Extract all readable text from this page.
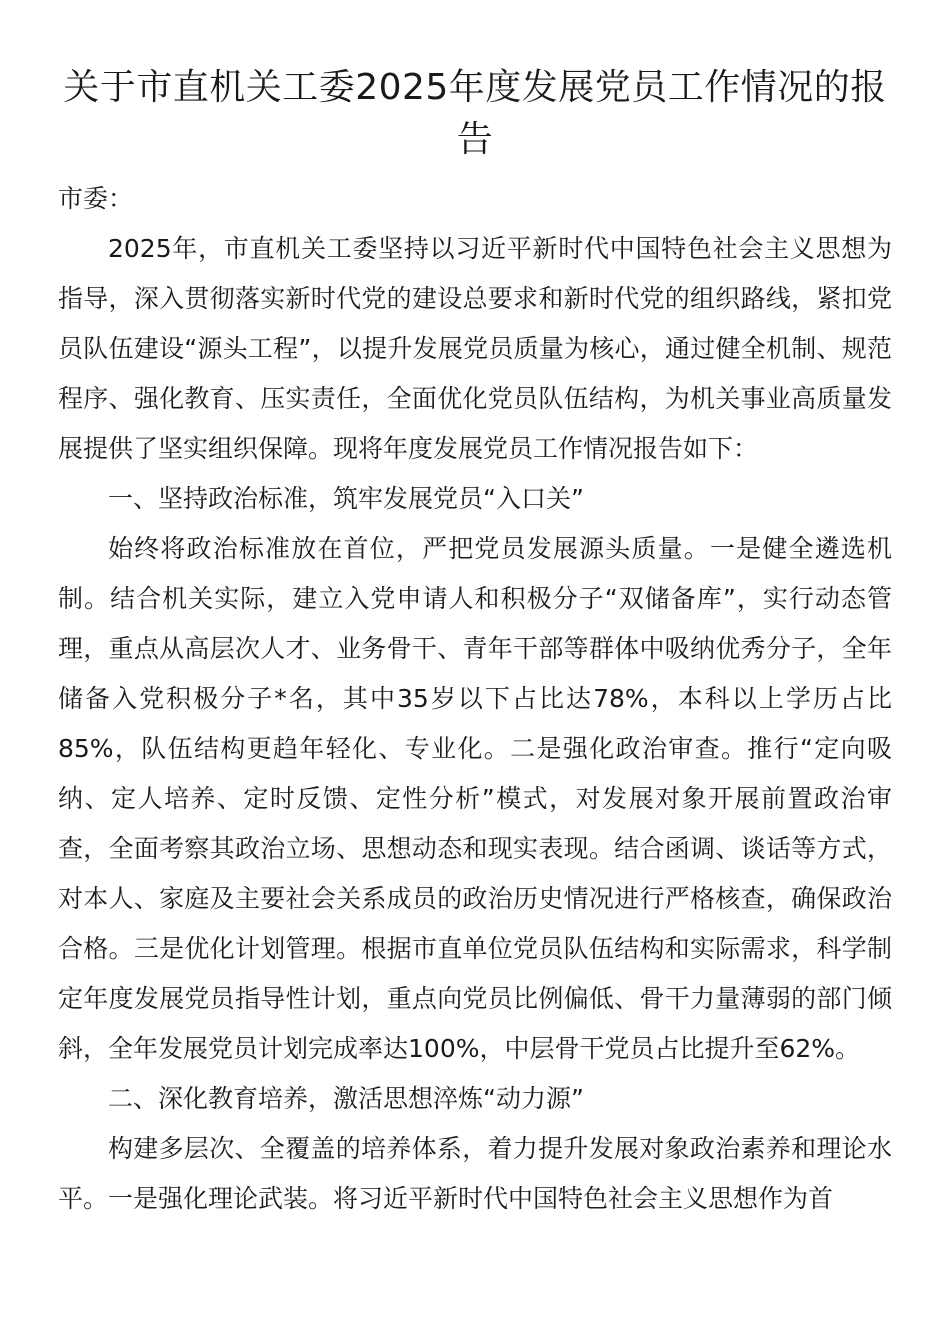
关于市直机关工委2025年度发展党员工作情况的报告

市委：

2025年，市直机关工委坚持以习近平新时代中国特色社会主义思想为指导，深入贯彻落实新时代党的建设总要求和新时代党的组织路线，紧扣党员队伍建设“源头工程”，以提升发展党员质量为核心，通过健全机制、规范程序、强化教育、压实责任，全面优化党员队伍结构，为机关事业高质量发展提供了坚实组织保障。现将年度发展党员工作情况报告如下：

一、坚持政治标准，筑牢发展党员“入口关”

始终将政治标准放在首位，严把党员发展源头质量。一是健全遴选机制。结合机关实际，建立入党申请人和积极分子“双储备库”，实行动态管理，重点从高层次人才、业务骨干、青年干部等群体中吸纳优秀分子，全年储备入党积极分子*名，其中35岁以下占比达78%，本科以上学历占比85%，队伍结构更趋年轻化、专业化。二是强化政治审查。推行“定向吸纳、定人培养、定时反馈、定性分析”模式，对发展对象开展前置政治审查，全面考察其政治立场、思想动态和现实表现。结合函调、谈话等方式，对本人、家庭及主要社会关系成员的政治历史情况进行严格核查，确保政治合格。三是优化计划管理。根据市直单位党员队伍结构和实际需求，科学制定年度发展党员指导性计划，重点向党员比例偏低、骨干力量薄弱的部门倾斜，全年发展党员计划完成率达100%，中层骨干党员占比提升至62%。

二、深化教育培养，激活思想淬炼“动力源”

构建多层次、全覆盖的培养体系，着力提升发展对象政治素养和理论水平。一是强化理论武装。将习近平新时代中国特色社会主义思想作为首
